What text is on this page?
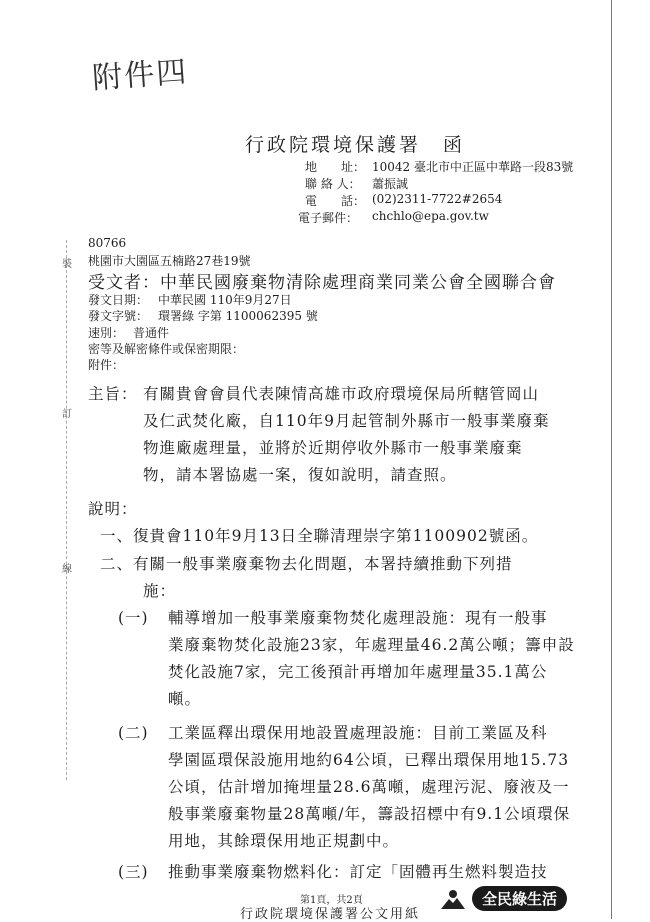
附件四
裝
訂
線
行政院環境保護署　函
地　　址： 10042 臺北市中正區中華路一段83號
聯 絡 人： 蕭振誠
電　　話： (02)2311-7722#2654
電子郵件： chchlo@epa.gov.tw
80766
桃園市大園區五楠路27巷19號
受文者： 中華民國廢棄物清除處理商業同業公會全國聯合會
發文日期： 中華民國 110年9月27日
發文字號： 環署綠 字第 1100062395 號
速別： 普通件
密等及解密條件或保密期限：
附件：
主旨： 有關貴會會員代表陳情高雄市政府環境保局所轄管岡山
及仁武焚化廠，自110年9月起管制外縣市一般事業廢棄
物進廠處理量，並將於近期停收外縣市一般事業廢棄
物，請本署協處一案，復如說明，請查照。
說明：
一、復貴會110年9月13日全聯清理崇字第1100902號函。
二、有關一般事業廢棄物去化問題，本署持續推動下列措
施：
(一) 輔導增加一般事業廢棄物焚化處理設施：現有一般事
業廢棄物焚化設施23家，年處理量46.2萬公噸；籌申設
焚化設施7家，完工後預計再增加年處理量35.1萬公
噸。
(二) 工業區釋出環保用地設置處理設施：目前工業區及科
學園區環保設施用地約64公頃，已釋出環保用地15.73
公頃，估計增加掩埋量28.6萬噸，處理污泥、廢液及一
般事業廢棄物量28萬噸/年，籌設招標中有9.1公頃環保
用地，其餘環保用地正規劃中。
(三) 推動事業廢棄物燃料化：訂定「固體再生燃料製造技
第1頁，共2頁
行政院環境保護署公文用紙
全民綠生活
